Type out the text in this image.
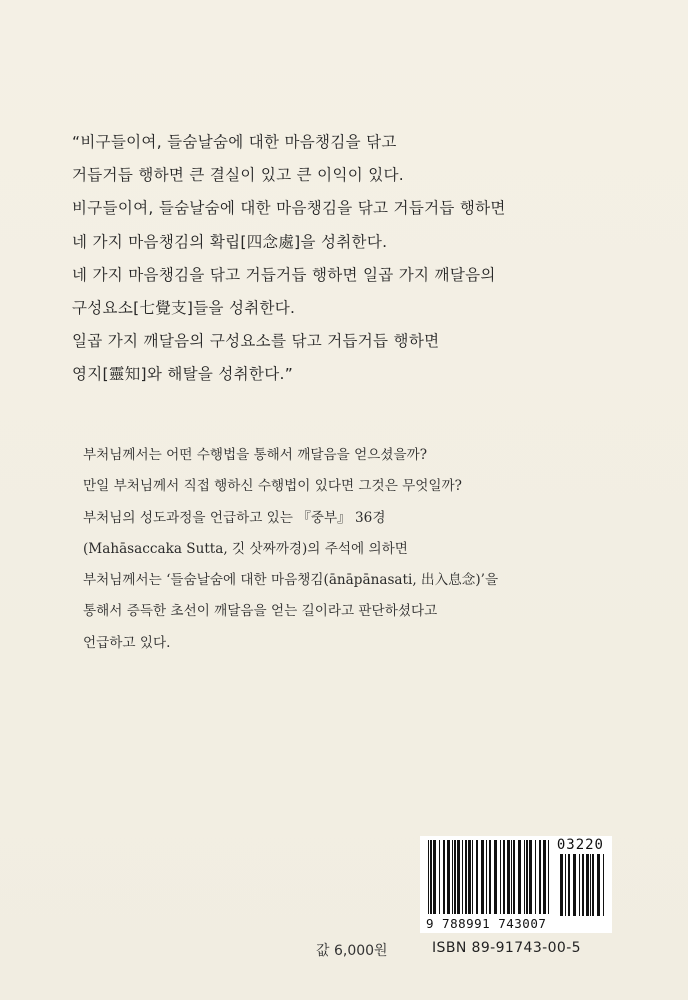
“비구들이여, 들숨날숨에 대한 마음챙김을 닦고
거듭거듭 행하면 큰 결실이 있고 큰 이익이 있다.
비구들이여, 들숨날숨에 대한 마음챙김을 닦고 거듭거듭 행하면
네 가지 마음챙김의 확립[四念處]을 성취한다.
네 가지 마음챙김을 닦고 거듭거듭 행하면 일곱 가지 깨달음의
구성요소[七覺支]들을 성취한다.
일곱 가지 깨달음의 구성요소를 닦고 거듭거듭 행하면
영지[靈知]와 해탈을 성취한다.”
부처님께서는 어떤 수행법을 통해서 깨달음을 얻으셨을까?
만일 부처님께서 직접 행하신 수행법이 있다면 그것은 무엇일까?
부처님의 성도과정을 언급하고 있는 『중부』 36경
(Mahāsaccaka Sutta, 깃 삿짜까경)의 주석에 의하면
부처님께서는 ‘들숨날숨에 대한 마음챙김(ānāpānasati, 出入息念)’을
통해서 증득한 초선이 깨달음을 얻는 길이라고 판단하셨다고
언급하고 있다.
03220
9 788991 743007
값 6,000원	ISBN 89-91743-00-5
